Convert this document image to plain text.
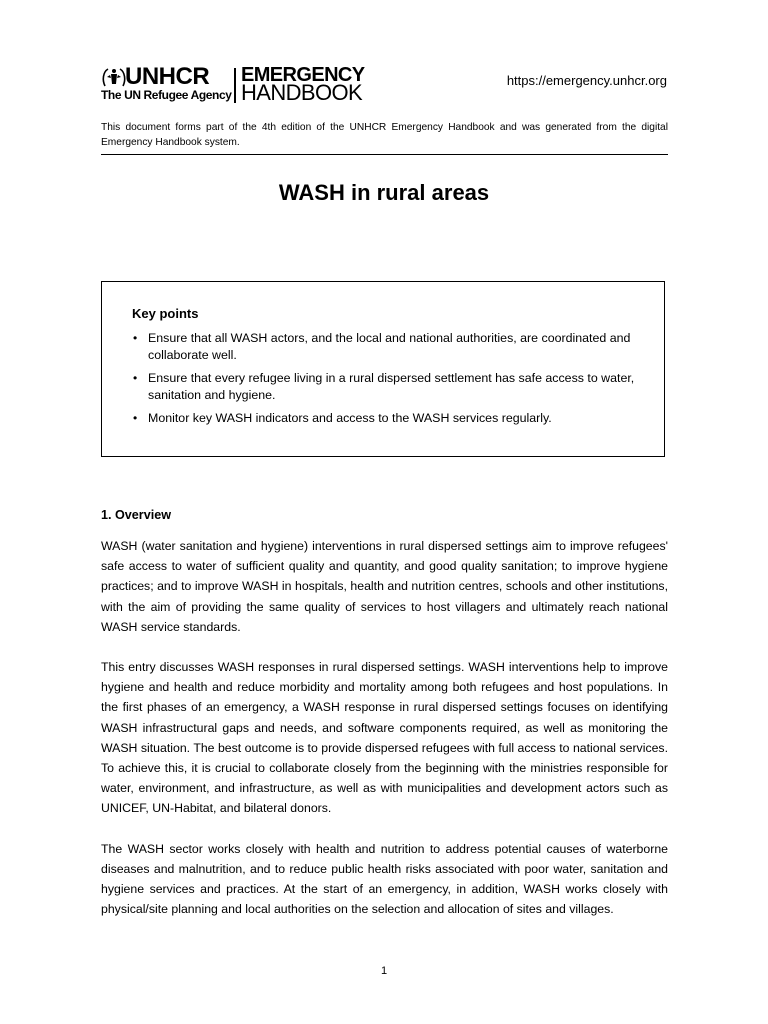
UNHCR
The UN Refugee Agency
EMERGENCY
HANDBOOK	https://emergency.unhcr.org
This document forms part of the 4th edition of the UNHCR Emergency Handbook and was generated from the digital Emergency Handbook system.
WASH in rural areas
Key points
• Ensure that all WASH actors, and the local and national authorities, are coordinated and collaborate well.
• Ensure that every refugee living in a rural dispersed settlement has safe access to water, sanitation and hygiene.
• Monitor key WASH indicators and access to the WASH services regularly.
1. Overview

WASH (water sanitation and hygiene) interventions in rural dispersed settings aim to improve refugees' safe access to water of sufficient quality and quantity, and good quality sanitation; to improve hygiene practices; and to improve WASH in hospitals, health and nutrition centres, schools and other institutions, with the aim of providing the same quality of services to host villagers and ultimately reach national WASH service standards.

This entry discusses WASH responses in rural dispersed settings. WASH interventions help to improve hygiene and health and reduce morbidity and mortality among both refugees and host populations. In the first phases of an emergency, a WASH response in rural dispersed settings focuses on identifying WASH infrastructural gaps and needs, and software components required, as well as monitoring the WASH situation. The best outcome is to provide dispersed refugees with full access to national services. To achieve this, it is crucial to collaborate closely from the beginning with the ministries responsible for water, environment, and infrastructure, as well as with municipalities and development actors such as UNICEF, UN-Habitat, and bilateral donors.

The WASH sector works closely with health and nutrition to address potential causes of waterborne diseases and malnutrition, and to reduce public health risks associated with poor water, sanitation and hygiene services and practices. At the start of an emergency, in addition, WASH works closely with physical/site planning and local authorities on the selection and allocation of sites and villages.

1
